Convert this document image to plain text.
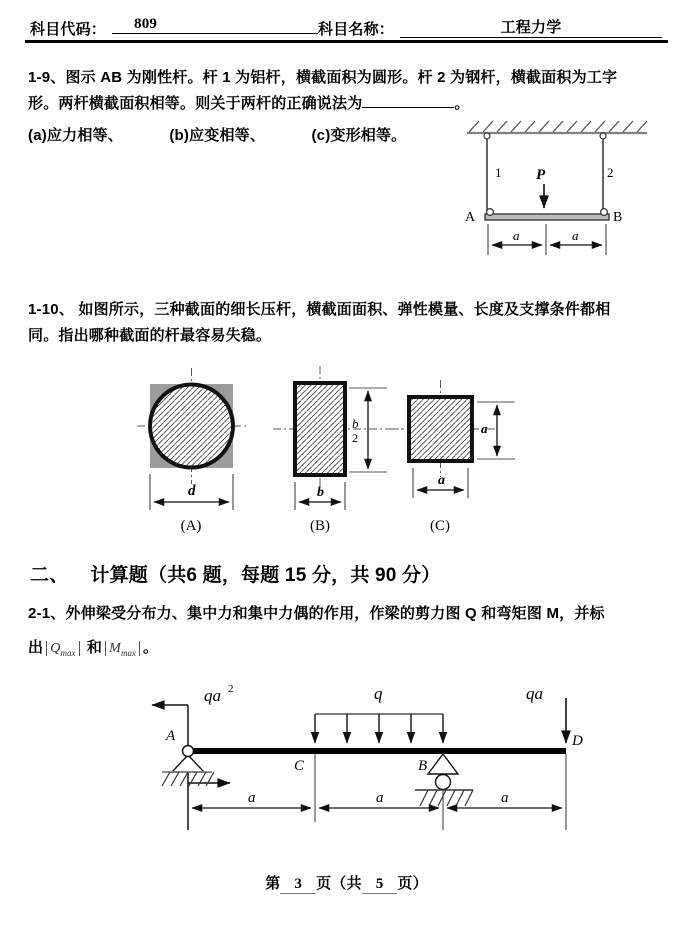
科目代码：	809	科目名称：	工程力学
1-9、图示 AB 为刚性杆。杆 1 为铝杆，横截面积为圆形。杆 2 为钢杆，横截面积为工字
形。两杆横截面积相等。则关于两杆的正确说法为	。
(a)应力相等、	(b)应变相等、	(c)变形相等。
1	2
P
A	B
a	a
1-10、 如图所示，三种截面的细长压杆，横截面面积、弹性模量、长度及支撑条件都相
同。指出哪种截面的杆最容易失稳。
d
(A)
b
2
b
(B)
a
a
(C)
二、 计算题（共6 题，每题 15 分，共 90 分）
2-1、外伸梁受分布力、集中力和集中力偶的作用，作梁的剪力图 Q 和弯矩图 M，并标
出 $Q_{max}$ 和 $M_{max}$ 。
qa 2
A
C
q
B
qa
D
a	a	a
第 3 页（共 5 页）
